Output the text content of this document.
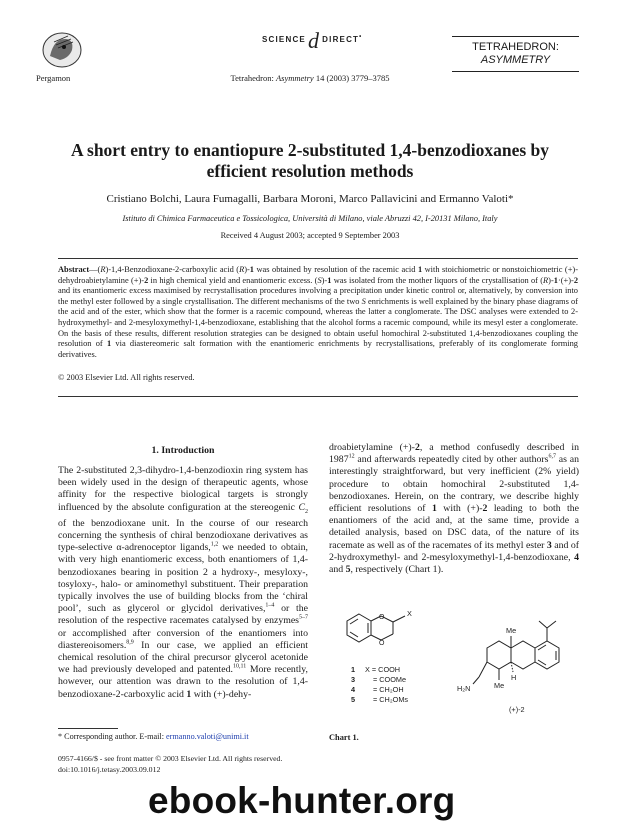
Pergamon
SCIENCEd DIRECT•
Tetrahedron: Asymmetry 14 (2003) 3779–3785
TETRAHEDRON:
ASYMMETRY
A short entry to enantiopure 2-substituted 1,4-benzodioxanes by
efficient resolution methods
Cristiano Bolchi, Laura Fumagalli, Barbara Moroni, Marco Pallavicini and Ermanno Valoti*
Istituto di Chimica Farmaceutica e Tossicologica, Università di Milano, viale Abruzzi 42, I-20131 Milano, Italy
Received 4 August 2003; accepted 9 September 2003
Abstract—(R)-1,4-Benzodioxane-2-carboxylic acid (R)-1 was obtained by resolution of the racemic acid 1 with stoichiometric or nonstoichiometric (+)-dehydroabietylamine (+)-2 in high chemical yield and enantiomeric excess. (S)-1 was isolated from the mother liquors of the crystallisation of (R)-1·(+)-2 and its enantiomeric excess maximised by recrystallisation procedures involving a precipitation under kinetic control or, alternatively, by conversion into the methyl ester followed by a single crystallisation. The different mechanisms of the two S enrichments is well explained by the binary phase diagrams of the acid and of the ester, which show that the former is a racemic compound, whereas the latter a conglomerate. The DSC analyses were extended to 2-hydroxymethyl- and 2-mesyloxymethyl-1,4-benzodioxane, establishing that the alcohol forms a racemic compound, while its mesyl ester a conglomerate. On the basis of these results, different resolution strategies can be designed to obtain useful homochiral 2-substituted 1,4-benzodioxanes coupling the resolution of 1 via diastereomeric salt formation with the enantiomeric enrichments by recrystallisations, preferably of its conglomerate forming derivatives.
© 2003 Elsevier Ltd. All rights reserved.
1. Introduction
The 2-substituted 2,3-dihydro-1,4-benzodioxin ring system has been widely used in the design of therapeutic agents, whose affinity for the respective biological targets is strongly influenced by the absolute configuration at the stereogenic $C_2$ of the benzodioxane unit. In the course of our research concerning the synthesis of chiral benzodioxane derivatives as type-selective α-adrenoceptor ligands,$^{1,2}$ we needed to obtain, with very high enantiomeric excess, both enantiomers of 1,4-benzodioxanes bearing in position 2 a hydroxy-, mesyloxy-, tosyloxy-, halo- or aminomethyl substituent. Their preparation typically involves the use of building blocks from the ‘chiral pool’, such as glycerol or glycidol derivatives,$^{1-4}$ or the resolution of the respective racemates catalysed by enzymes$^{5-7}$ or accomplished after conversion of the enantiomers into diastereoisomers.$^{8,9}$ In our case, we applied an efficient chemical resolution of the chiral precursor glycerol acetonide we had previously developed and patented.$^{10,11}$ More recently, however, our attention was drawn to the resolution of 1,4-benzodioxane-2-carboxylic acid 1 with (+)-dehy-
droabietylamine (+)-2, a method confusedly described in 1987$^{12}$ and afterwards repeatedly cited by other authors$^{6,7}$ as an interestingly straightforward, but very inefficient (2% yield) procedure to obtain homochiral 2-substituted 1,4-benzodioxanes. Herein, on the contrary, we describe highly efficient resolutions of 1 with (+)-2 leading to both the enantiomers of the acid and, at the same time, provide a detailed analysis, based on DSC data, of the nature of its racemate as well as of the racemates of its methyl ester 3 and of 2-hydroxymethyl- and 2-mesyloxymethyl-1,4-benzodioxane, 4 and 5, respectively (Chart 1).
O
O
X
Me
Me
H
H₂N
(+)-2
1 X = COOH
3 = COOMe
4 = CH₂OH
5 = CH₂OMs
Chart 1.
* Corresponding author. E-mail: ermanno.valoti@unimi.it
0957-4166/$ - see front matter © 2003 Elsevier Ltd. All rights reserved.
doi:10.1016/j.tetasy.2003.09.012
ebook-hunter.org
